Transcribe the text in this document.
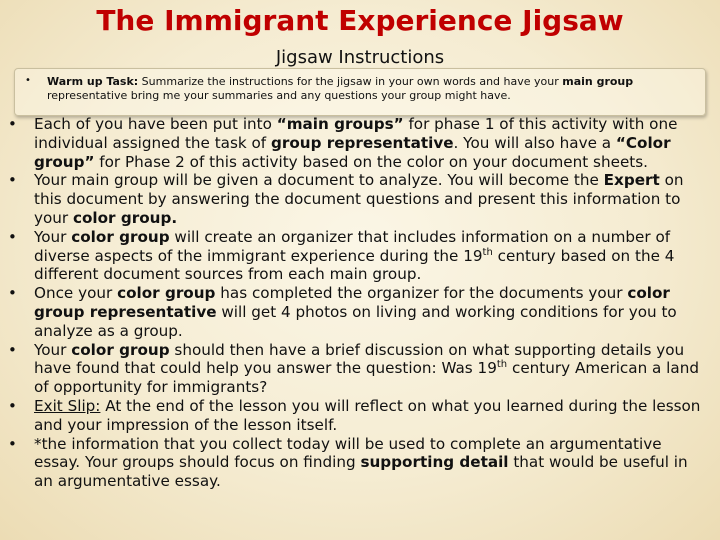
The Immigrant Experience Jigsaw
Jigsaw Instructions
• Warm up Task: Summarize the instructions for the jigsaw in your own words and have your main group representative bring me your summaries and any questions your group might have.
• Each of you have been put into “main groups” for phase 1 of this activity with one individual assigned the task of group representative. You will also have a “Color group” for Phase 2 of this activity based on the color on your document sheets.
• Your main group will be given a document to analyze. You will become the Expert on this document by answering the document questions and present this information to your color group.
• Your color group will create an organizer that includes information on a number of diverse aspects of the immigrant experience during the 19th century based on the 4 different document sources from each main group.
• Once your color group has completed the organizer for the documents your color group representative will get 4 photos on living and working conditions for you to analyze as a group.
• Your color group should then have a brief discussion on what supporting details you have found that could help you answer the question: Was 19th century American a land of opportunity for immigrants?
• Exit Slip: At the end of the lesson you will reflect on what you learned during the lesson and your impression of the lesson itself.
• *the information that you collect today will be used to complete an argumentative essay. Your groups should focus on finding supporting detail that would be useful in an argumentative essay.
